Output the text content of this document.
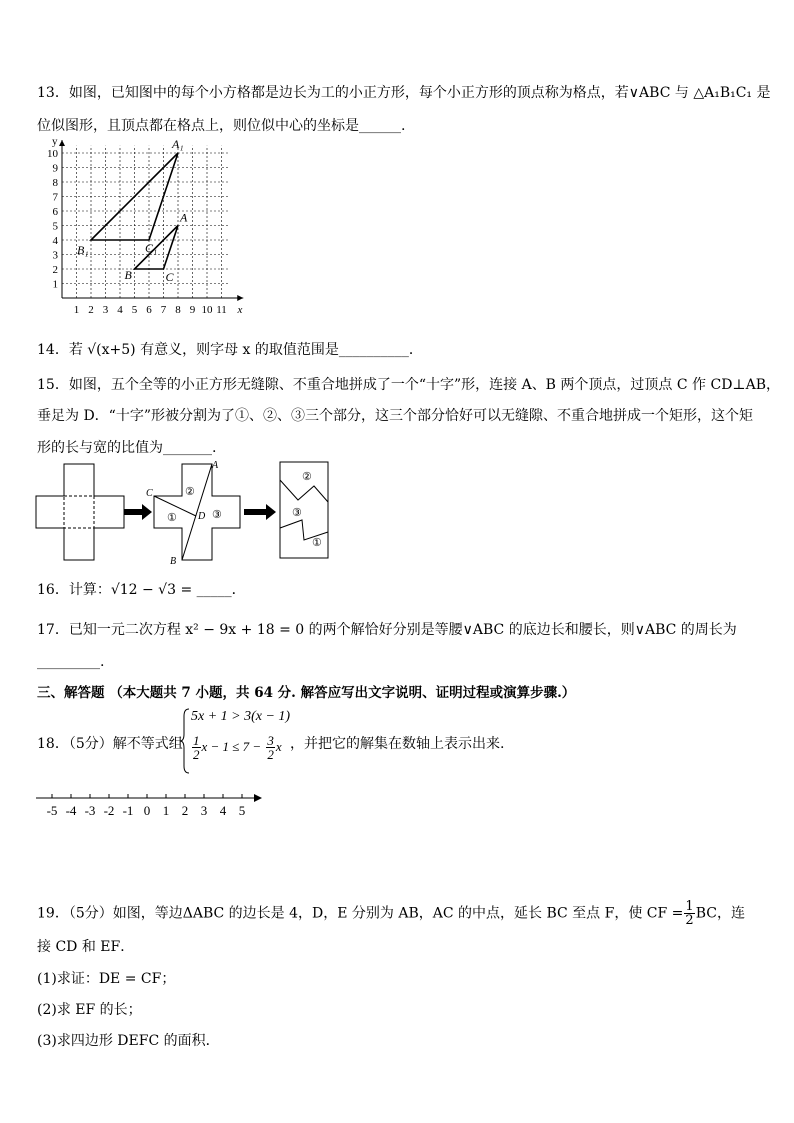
13．如图，已知图中的每个小方格都是边长为工的小正方形，每个小正方形的顶点称为格点，若∨ABC 与 △A₁B₁C₁ 是
位似图形，且顶点都在格点上，则位似中心的坐标是______.
1
2
3
4
5
6
7
8
9
10
1 2 3 4 5 6 7 8 9 10 11
y
x
A
B	C
A₁
B₁	C₁
14．若 √(x+5) 有意义，则字母 x 的取值范围是__________．
15．如图，五个全等的小正方形无缝隙、不重合地拼成了一个“十字”形，连接 A、B 两个顶点，过顶点 C 作 CD⊥AB，
垂足为 D．“十字”形被分割为了①、②、③三个部分，这三个部分恰好可以无缝隙、不重合地拼成一个矩形，这个矩
形的长与宽的比值为_______.
A
B
C
D
①
②
③
②
③
①
16．计算：√12 − √3 = _____．
17．已知一元二次方程 x² − 9x + 18 = 0 的两个解恰好分别是等腰∨ABC 的底边长和腰长，则∨ABC 的周长为
_________.
三、解答题 （本大题共 7 小题，共 64 分. 解答应写出文字说明、证明过程或演算步骤.）
18．（5分）解不等式组
5x + 1 > 3(x − 1)
$\frac{1}{2}$ $x - 1 \le 7 - \frac{3}{2}$ x ，并把它的解集在数轴上表示出来.
-5 -4 -3 -2 -1 0 1 2 3 4 5
19．（5分）如图，等边ΔABC 的边长是 4，D，E 分别为 AB，AC 的中点，延长 BC 至点 F，使 CF = $\frac{1}{2}$ BC，连
接 CD 和 EF．
(1)求证：DE = CF；
(2)求 EF 的长；
(3)求四边形 DEFC 的面积．
